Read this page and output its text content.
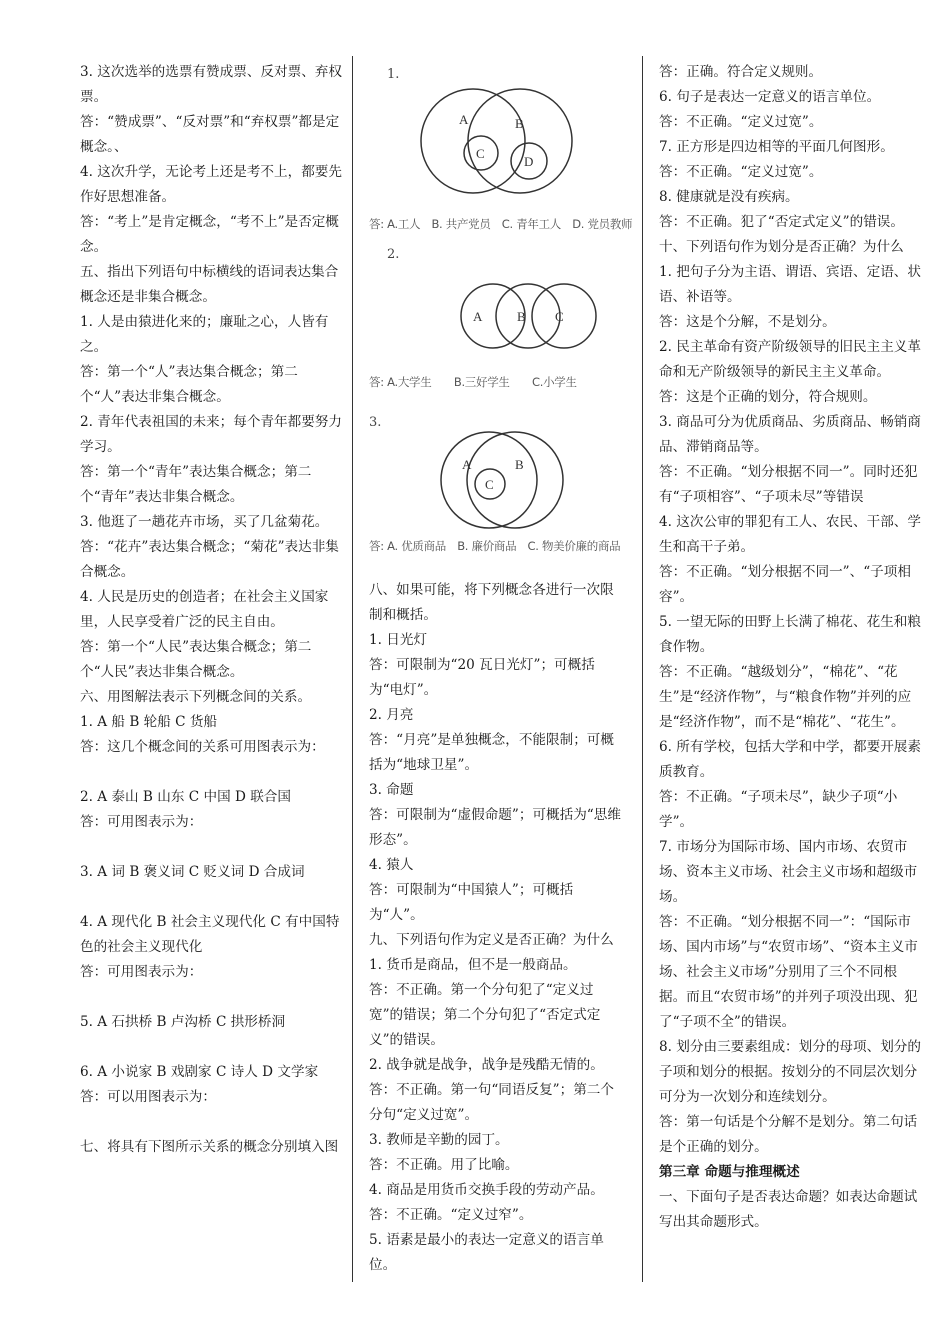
3. 这次选举的选票有赞成票、反对票、弃权票。

答：“赞成票”、“反对票”和“弃权票”都是定概念。、

4. 这次升学，无论考上还是考不上，都要先作好思想准备。

答：“考上”是肯定概念，“考不上”是否定概念。

五、指出下列语句中标横线的语词表达集合概念还是非集合概念。

1. 人是由猿进化来的；廉耻之心，人皆有之。

答：第一个“人”表达集合概念；第二个“人”表达非集合概念。

2. 青年代表祖国的未来；每个青年都要努力学习。

答：第一个“青年”表达集合概念；第二个“青年”表达非集合概念。

3. 他逛了一趟花卉市场，买了几盆菊花。

答：“花卉”表达集合概念；“菊花”表达非集合概念。

4. 人民是历史的创造者；在社会主义国家里，人民享受着广泛的民主自由。

答：第一个“人民”表达集合概念；第二个“人民”表达非集合概念。

六、用图解法表示下列概念间的关系。

1. A 船 B 轮船 C 货船

答：这几个概念间的关系可用图表示为：

2. A 泰山 B 山东 C 中国 D 联合国

答：可用图表示为：

3. A 词 B 褒义词 C 贬义词 D 合成词

4. A 现代化 B 社会主义现代化 C 有中国特色的社会主义现代化

答：可用图表示为：

5. A 石拱桥 B 卢沟桥 C 拱形桥洞

6. A 小说家 B 戏剧家 C 诗人 D 文学家

答：可以用图表示为：

七、将具有下图所示关系的概念分别填入图

1.
A	B
C
D
答: A.工人　B. 共产党员　C. 青年工人　D. 党员教师
2.
A	B C
答: A.大学生　　B.三好学生　　C.小学生
3.
A	B
C
答: A. 优质商品　B. 廉价商品　C. 物美价廉的商品

八、如果可能，将下列概念各进行一次限制和概括。

1. 日光灯

答：可限制为“20 瓦日光灯”；可概括为“电灯”。

2. 月亮

答：“月亮”是单独概念，不能限制；可概括为“地球卫星”。

3. 命题

答：可限制为“虚假命题”；可概括为“思维形态”。

4. 猿人

答：可限制为“中国猿人”；可概括为“人”。

九、下列语句作为定义是否正确？为什么

1. 货币是商品，但不是一般商品。

答：不正确。第一个分句犯了“定义过宽”的错误；第二个分句犯了“否定式定义”的错误。

2. 战争就是战争，战争是残酷无情的。

答：不正确。第一句“同语反复”；第二个分句“定义过宽”。

3. 教师是辛勤的园丁。

答：不正确。用了比喻。

4. 商品是用货币交换手段的劳动产品。

答：不正确。“定义过窄”。

5. 语素是最小的表达一定意义的语言单位。

答：正确。符合定义规则。

6. 句子是表达一定意义的语言单位。

答：不正确。“定义过宽”。

7. 正方形是四边相等的平面几何图形。

答：不正确。“定义过宽”。

8. 健康就是没有疾病。

答：不正确。犯了“否定式定义”的错误。

十、下列语句作为划分是否正确？为什么

1. 把句子分为主语、谓语、宾语、定语、状语、补语等。

答：这是个分解，不是划分。

2. 民主革命有资产阶级领导的旧民主主义革命和无产阶级领导的新民主主义革命。

答：这是个正确的划分，符合规则。

3. 商品可分为优质商品、劣质商品、畅销商品、滞销商品等。

答：不正确。“划分根据不同一”。同时还犯有“子项相容”、“子项未尽”等错误

4. 这次公审的罪犯有工人、农民、干部、学生和高干子弟。

答：不正确。“划分根据不同一”、“子项相容”。

5. 一望无际的田野上长满了棉花、花生和粮食作物。

答：不正确。“越级划分”，“棉花”、“花生”是“经济作物”，与“粮食作物”并列的应是“经济作物”，而不是“棉花”、“花生”。

6. 所有学校，包括大学和中学，都要开展素质教育。

答：不正确。“子项未尽”，缺少子项“小学”。

7. 市场分为国际市场、国内市场、农贸市场、资本主义市场、社会主义市场和超级市场。

答：不正确。“划分根据不同一”：“国际市场、国内市场”与“农贸市场”、“资本主义市场、社会主义市场”分别用了三个不同根据。而且“农贸市场”的并列子项没出现、犯了“子项不全”的错误。

8. 划分由三要素组成：划分的母项、划分的子项和划分的根据。按划分的不同层次划分可分为一次划分和连续划分。

答：第一句话是个分解不是划分。第二句话是个正确的划分。

第三章 命题与推理概述

一、下面句子是否表达命题？如表达命题试写出其命题形式。
